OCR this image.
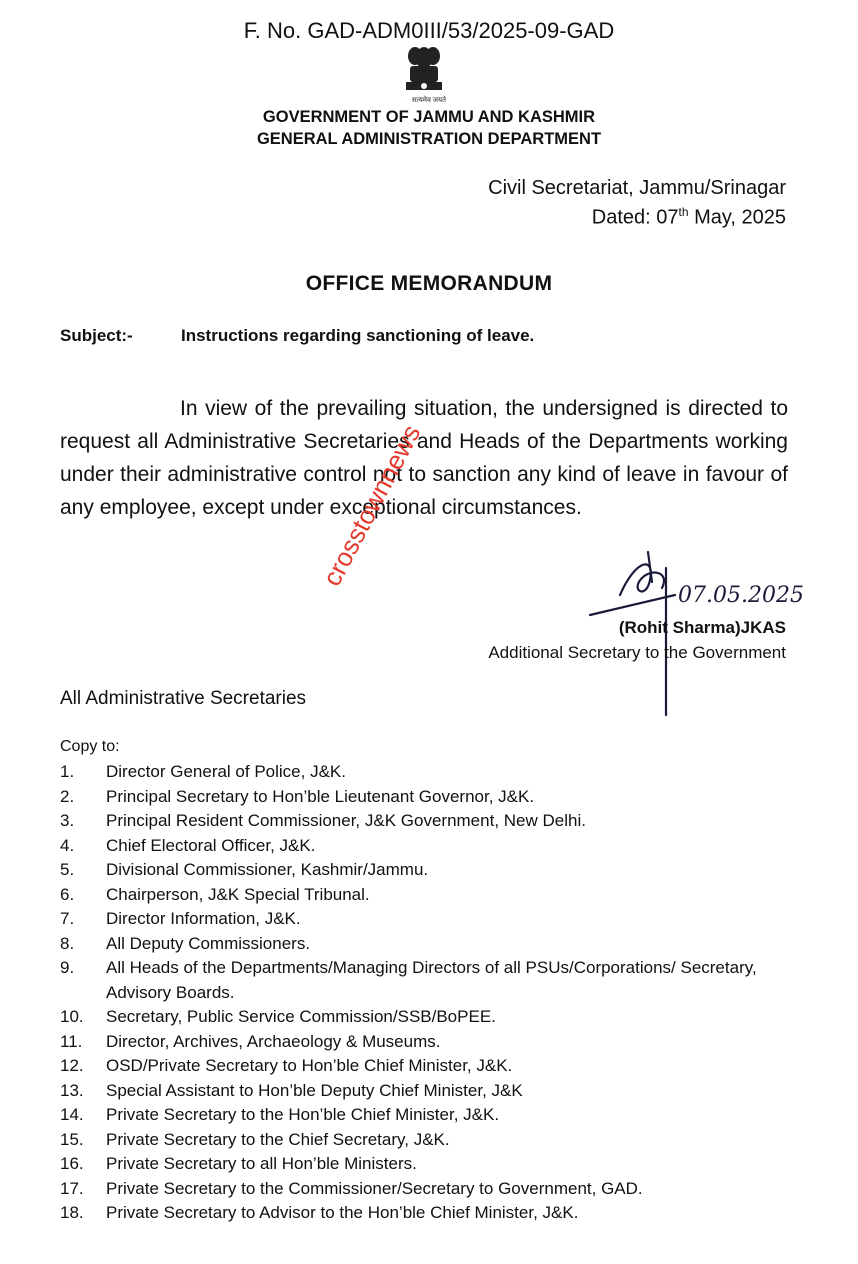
F. No. GAD-ADM0III/53/2025-09-GAD
सत्यमेव जयते
GOVERNMENT OF JAMMU AND KASHMIR
GENERAL ADMINISTRATION DEPARTMENT
Civil Secretariat, Jammu/Srinagar
Dated: 07th May, 2025
OFFICE MEMORANDUM
Subject:-	Instructions regarding sanctioning of leave.
In view of the prevailing situation, the undersigned is directed to request all Administrative Secretaries and Heads of the Departments working under their administrative control not to sanction any kind of leave in favour of any employee, except under exceptional circumstances.
crosstownnews
07.05.2025
(Rohit Sharma)JKAS
Additional Secretary to the Government
All Administrative Secretaries
Copy to:
1.	Director General of Police, J&K.
2.	Principal Secretary to Hon’ble Lieutenant Governor, J&K.
3.	Principal Resident Commissioner, J&K Government, New Delhi.
4.	Chief Electoral Officer, J&K.
5.	Divisional Commissioner, Kashmir/Jammu.
6.	Chairperson, J&K Special Tribunal.
7.	Director Information, J&K.
8.	All Deputy Commissioners.
9.	All Heads of the Departments/Managing Directors of all PSUs/Corporations/ Secretary, Advisory Boards.
10.	Secretary, Public Service Commission/SSB/BoPEE.
11.	Director, Archives, Archaeology & Museums.
12.	OSD/Private Secretary to Hon’ble Chief Minister, J&K.
13.	Special Assistant to Hon’ble Deputy Chief Minister, J&K
14.	Private Secretary to the Hon’ble Chief Minister, J&K.
15.	Private Secretary to the Chief Secretary, J&K.
16.	Private Secretary to all Hon’ble Ministers.
17.	Private Secretary to the Commissioner/Secretary to Government, GAD.
18.	Private Secretary to Advisor to the Hon’ble Chief Minister, J&K.
